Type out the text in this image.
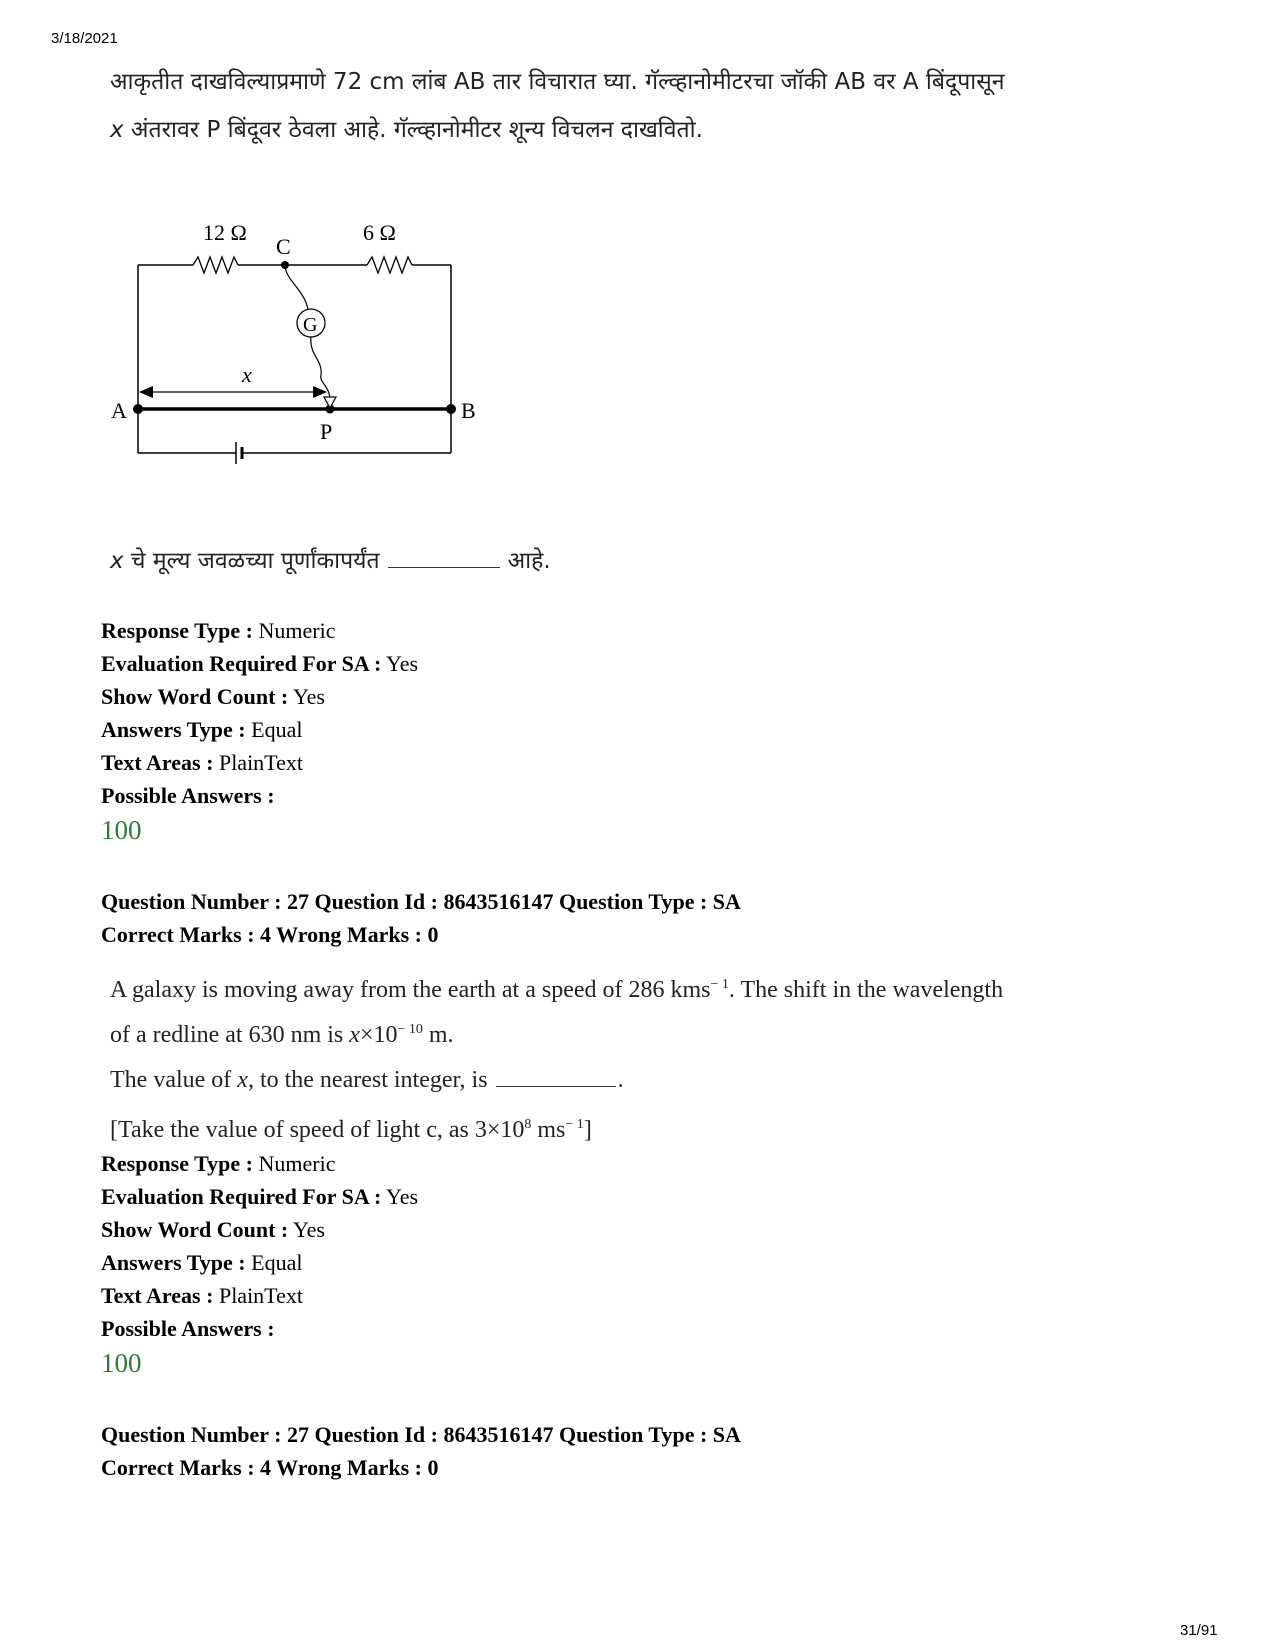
3/18/2021
आकृतीत दाखविल्याप्रमाणे 72 cm लांब AB तार विचारात घ्या. गॅल्व्हानोमीटरचा जॉकी AB वर A बिंदूपासून
x अंतरावर P बिंदूवर ठेवला आहे. गॅल्व्हानोमीटर शून्य विचलन दाखवितो.
12 Ω	6 Ω
C
G
x
A	B
P
x चे मूल्य जवळच्या पूर्णांकापर्यंत	आहे.
Response Type : Numeric
Evaluation Required For SA : Yes
Show Word Count : Yes
Answers Type : Equal
Text Areas : PlainText
Possible Answers :
100
Question Number : 27 Question Id : 8643516147 Question Type : SA
Correct Marks : 4 Wrong Marks : 0
A galaxy is moving away from the earth at a speed of 286 kms$^{- 1}$. The shift in the wavelength
of a redline at 630 nm is $x\times 10^{- 10}$ m.
The value of x, to the nearest integer, is	.
[Take the value of speed of light c, as $3\times 10^8$ $ms^{- 1}$]
Response Type : Numeric
Evaluation Required For SA : Yes
Show Word Count : Yes
Answers Type : Equal
Text Areas : PlainText
Possible Answers :
100
Question Number : 27 Question Id : 8643516147 Question Type : SA
Correct Marks : 4 Wrong Marks : 0
31/91
